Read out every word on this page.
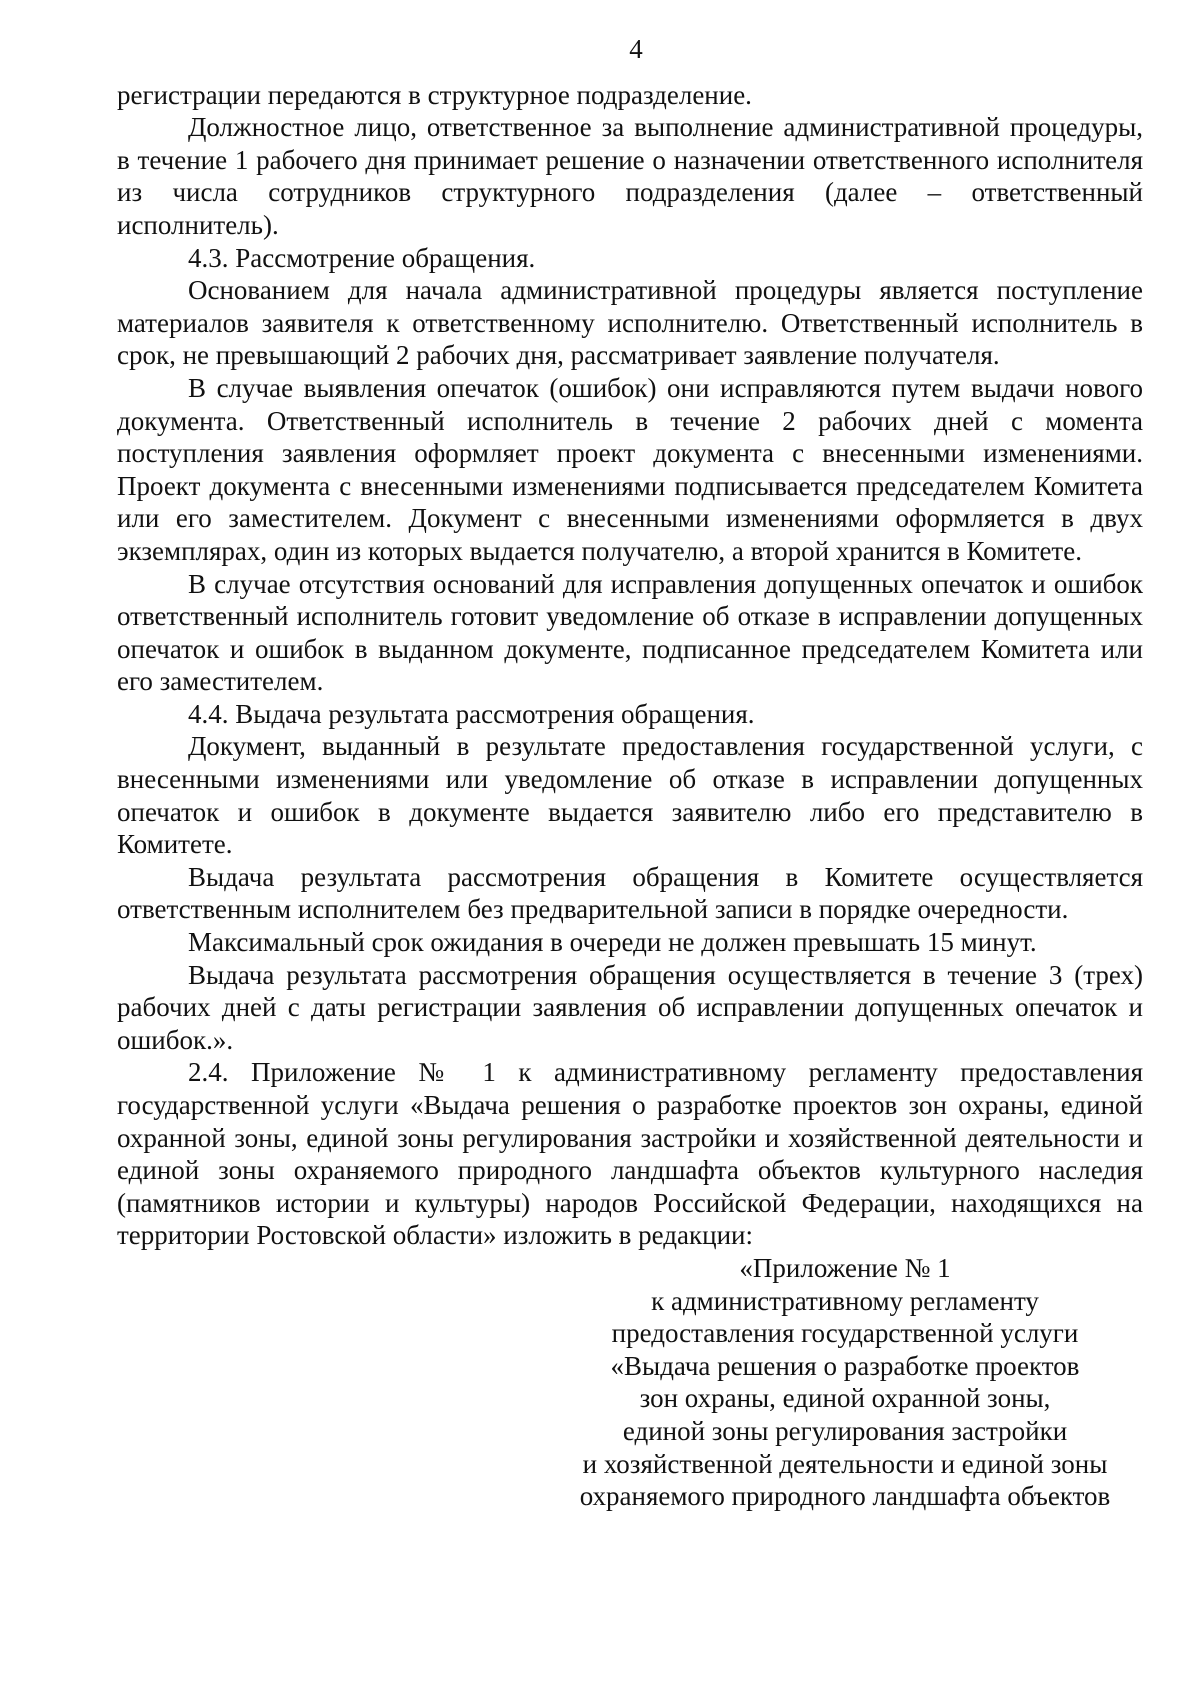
4

регистрации передаются в структурное подразделение.

Должностное лицо, ответственное за выполнение административной процедуры, в течение 1 рабочего дня принимает решение о назначении ответственного исполнителя из числа сотрудников структурного подразделения (далее – ответственный исполнитель).

4.3. Рассмотрение обращения.

Основанием для начала административной процедуры является поступление материалов заявителя к ответственному исполнителю. Ответственный исполнитель в срок, не превышающий 2 рабочих дня, рассматривает заявление получателя.

В случае выявления опечаток (ошибок) они исправляются путем выдачи нового документа. Ответственный исполнитель в течение 2 рабочих дней с момента поступления заявления оформляет проект документа с внесенными изменениями. Проект документа с внесенными изменениями подписывается председателем Комитета или его заместителем. Документ с внесенными изменениями оформляется в двух экземплярах, один из которых выдается получателю, а второй хранится в Комитете.

В случае отсутствия оснований для исправления допущенных опечаток и ошибок ответственный исполнитель готовит уведомление об отказе в исправлении допущенных опечаток и ошибок в выданном документе, подписанное председателем Комитета или его заместителем.

4.4. Выдача результата рассмотрения обращения.

Документ, выданный в результате предоставления государственной услуги, с внесенными изменениями или уведомление об отказе в исправлении допущенных опечаток и ошибок в документе выдается заявителю либо его представителю в Комитете.

Выдача результата рассмотрения обращения в Комитете осуществляется ответственным исполнителем без предварительной записи в порядке очередности.

Максимальный срок ожидания в очереди не должен превышать 15 минут.

Выдача результата рассмотрения обращения осуществляется в течение 3 (трех) рабочих дней с даты регистрации заявления об исправлении допущенных опечаток и ошибок.».

2.4. Приложение № 1 к административному регламенту предоставления государственной услуги «Выдача решения о разработке проектов зон охраны, единой охранной зоны, единой зоны регулирования застройки и хозяйственной деятельности и единой зоны охраняемого природного ландшафта объектов культурного наследия (памятников истории и культуры) народов Российской Федерации, находящихся на территории Ростовской области» изложить в редакции:

«Приложение № 1
к административному регламенту
предоставления государственной услуги
«Выдача решения о разработке проектов
зон охраны, единой охранной зоны,
единой зоны регулирования застройки
и хозяйственной деятельности и единой зоны
охраняемого природного ландшафта объектов
